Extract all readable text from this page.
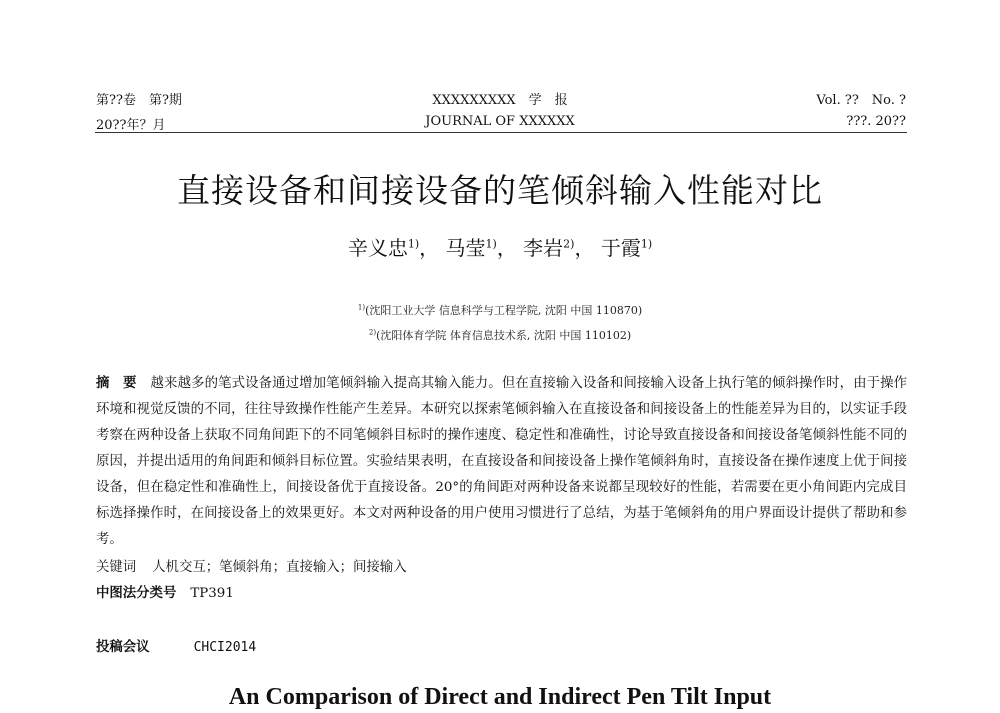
第??卷　第?期
20??年？月
XXXXXXXXX　学　报
JOURNAL OF XXXXXX
Vol. ??　No. ?
???. 20??
直接设备和间接设备的笔倾斜输入性能对比
辛义忠$^{1)}$， 马莹$^{1)}$， 李岩$^{2)}$， 于霞$^{1)}$
$^{1)}$(沈阳工业大学 信息科学与工程学院, 沈阳 中国 110870)
$^{2)}$(沈阳体育学院 体育信息技术系, 沈阳 中国 110102)
摘　要 越来越多的笔式设备通过增加笔倾斜输入提高其输入能力。但在直接输入设备和间接输入设备上执行笔的倾斜操作时，由于操作环境和视觉反馈的不同，往往导致操作性能产生差异。本研究以探索笔倾斜输入在直接设备和间接设备上的性能差异为目的，以实证手段考察在两种设备上获取不同角间距下的不同笔倾斜目标时的操作速度、稳定性和准确性，讨论导致直接设备和间接设备笔倾斜性能不同的原因，并提出适用的角间距和倾斜目标位置。实验结果表明，在直接设备和间接设备上操作笔倾斜角时，直接设备在操作速度上优于间接设备，但在稳定性和准确性上，间接设备优于直接设备。20°的角间距对两种设备来说都呈现较好的性能，若需要在更小角间距内完成目标选择操作时，在间接设备上的效果更好。本文对两种设备的用户使用习惯进行了总结，为基于笔倾斜角的用户界面设计提供了帮助和参考。
关键词 人机交互；笔倾斜角；直接输入；间接输入
中图法分类号 TP391
投稿会议	CHCI2014
An Comparison of Direct and Indirect Pen Tilt Input
